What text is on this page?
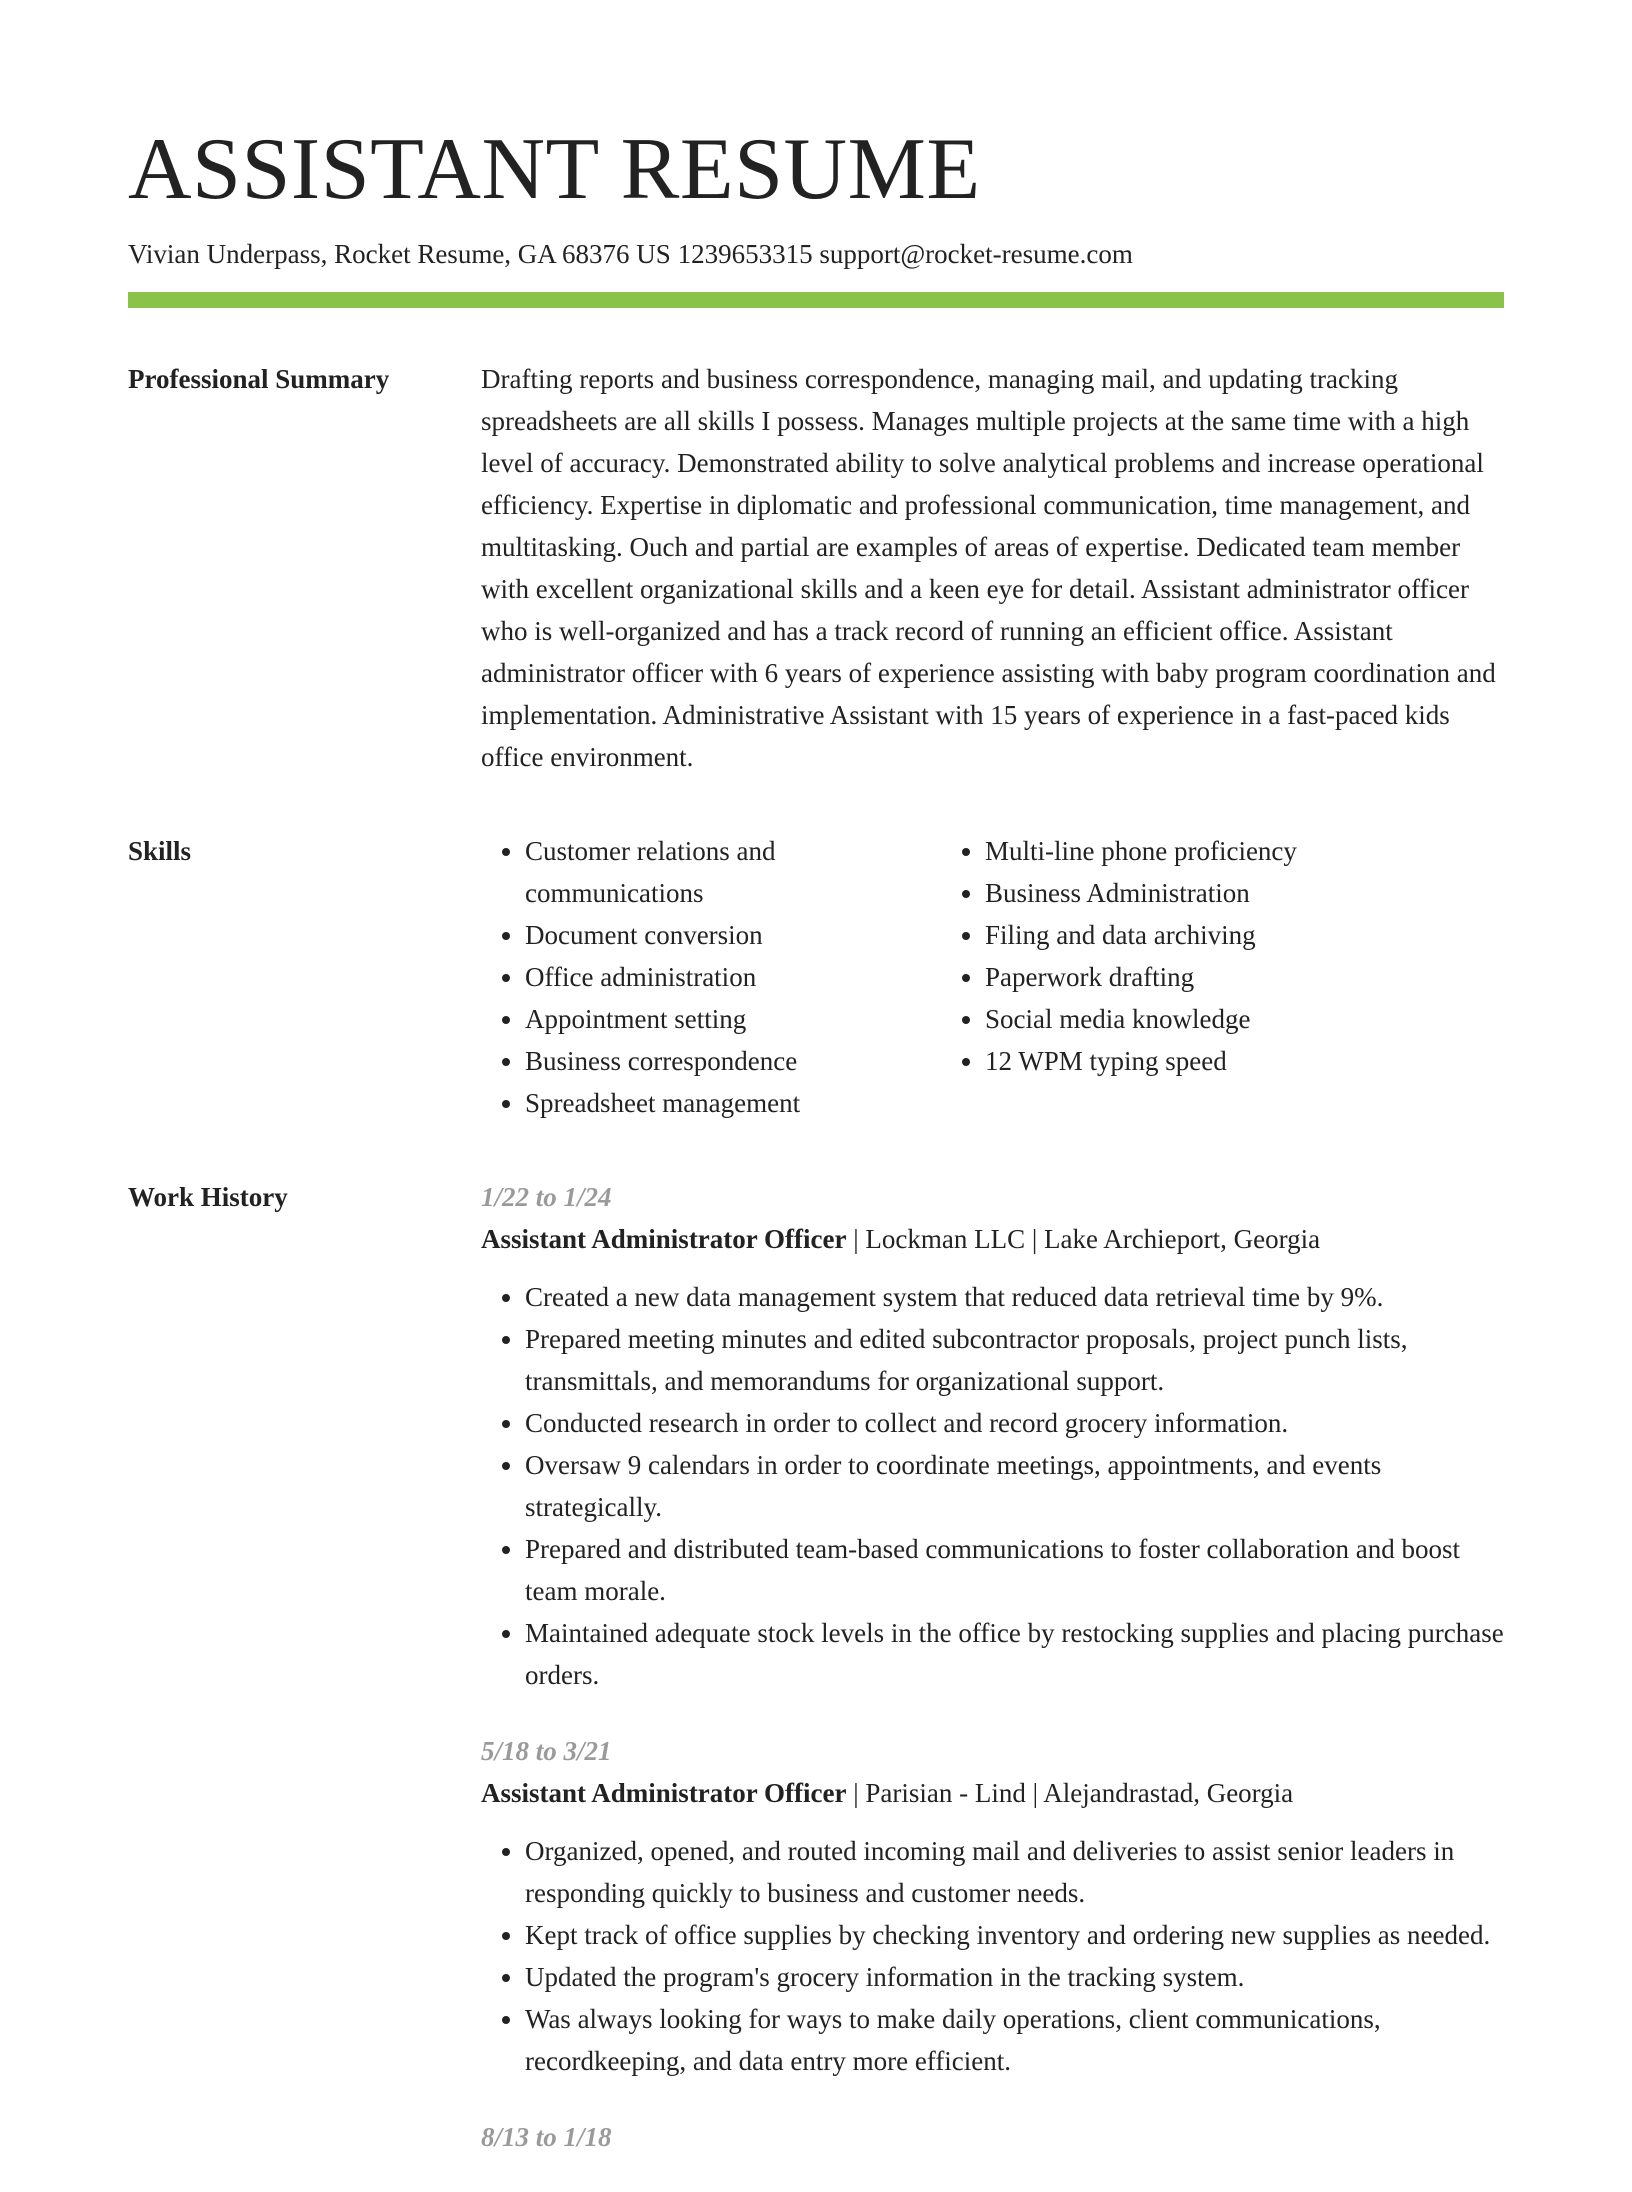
ASSISTANT RESUME
Vivian Underpass, Rocket Resume, GA 68376 US 1239653315 support@rocket-resume.com
Professional Summary	Drafting reports and business correspondence, managing mail, and updating tracking spreadsheets are all skills I possess. Manages multiple projects at the same time with a high level of accuracy. Demonstrated ability to solve analytical problems and increase operational efficiency. Expertise in diplomatic and professional communication, time management, and multitasking. Ouch and partial are examples of areas of expertise. Dedicated team member with excellent organizational skills and a keen eye for detail. Assistant administrator officer who is well-organized and has a track record of running an efficient office. Assistant administrator officer with 6 years of experience assisting with baby program coordination and implementation. Administrative Assistant with 15 years of experience in a fast-paced kids office environment.

Skills
•	Customer relations and communications
• Document conversion
• Office administration
• Appointment setting
• Business correspondence
• Spreadsheet management
• Multi-line phone proficiency
• Business Administration
• Filing and data archiving
• Paperwork drafting
• Social media knowledge
• 12 WPM typing speed
Work History	1/22 to 1/24
Assistant Administrator Officer | Lockman LLC | Lake Archieport, Georgia
• Created a new data management system that reduced data retrieval time by 9%.
• Prepared meeting minutes and edited subcontractor proposals, project punch lists, transmittals, and memorandums for organizational support.
• Conducted research in order to collect and record grocery information.
• Oversaw 9 calendars in order to coordinate meetings, appointments, and events strategically.
• Prepared and distributed team-based communications to foster collaboration and boost team morale.
• Maintained adequate stock levels in the office by restocking supplies and placing purchase orders.
5/18 to 3/21
Assistant Administrator Officer | Parisian - Lind | Alejandrastad, Georgia
• Organized, opened, and routed incoming mail and deliveries to assist senior leaders in responding quickly to business and customer needs.
• Kept track of office supplies by checking inventory and ordering new supplies as needed.
• Updated the program's grocery information in the tracking system.
• Was always looking for ways to make daily operations, client communications, recordkeeping, and data entry more efficient.
8/13 to 1/18
